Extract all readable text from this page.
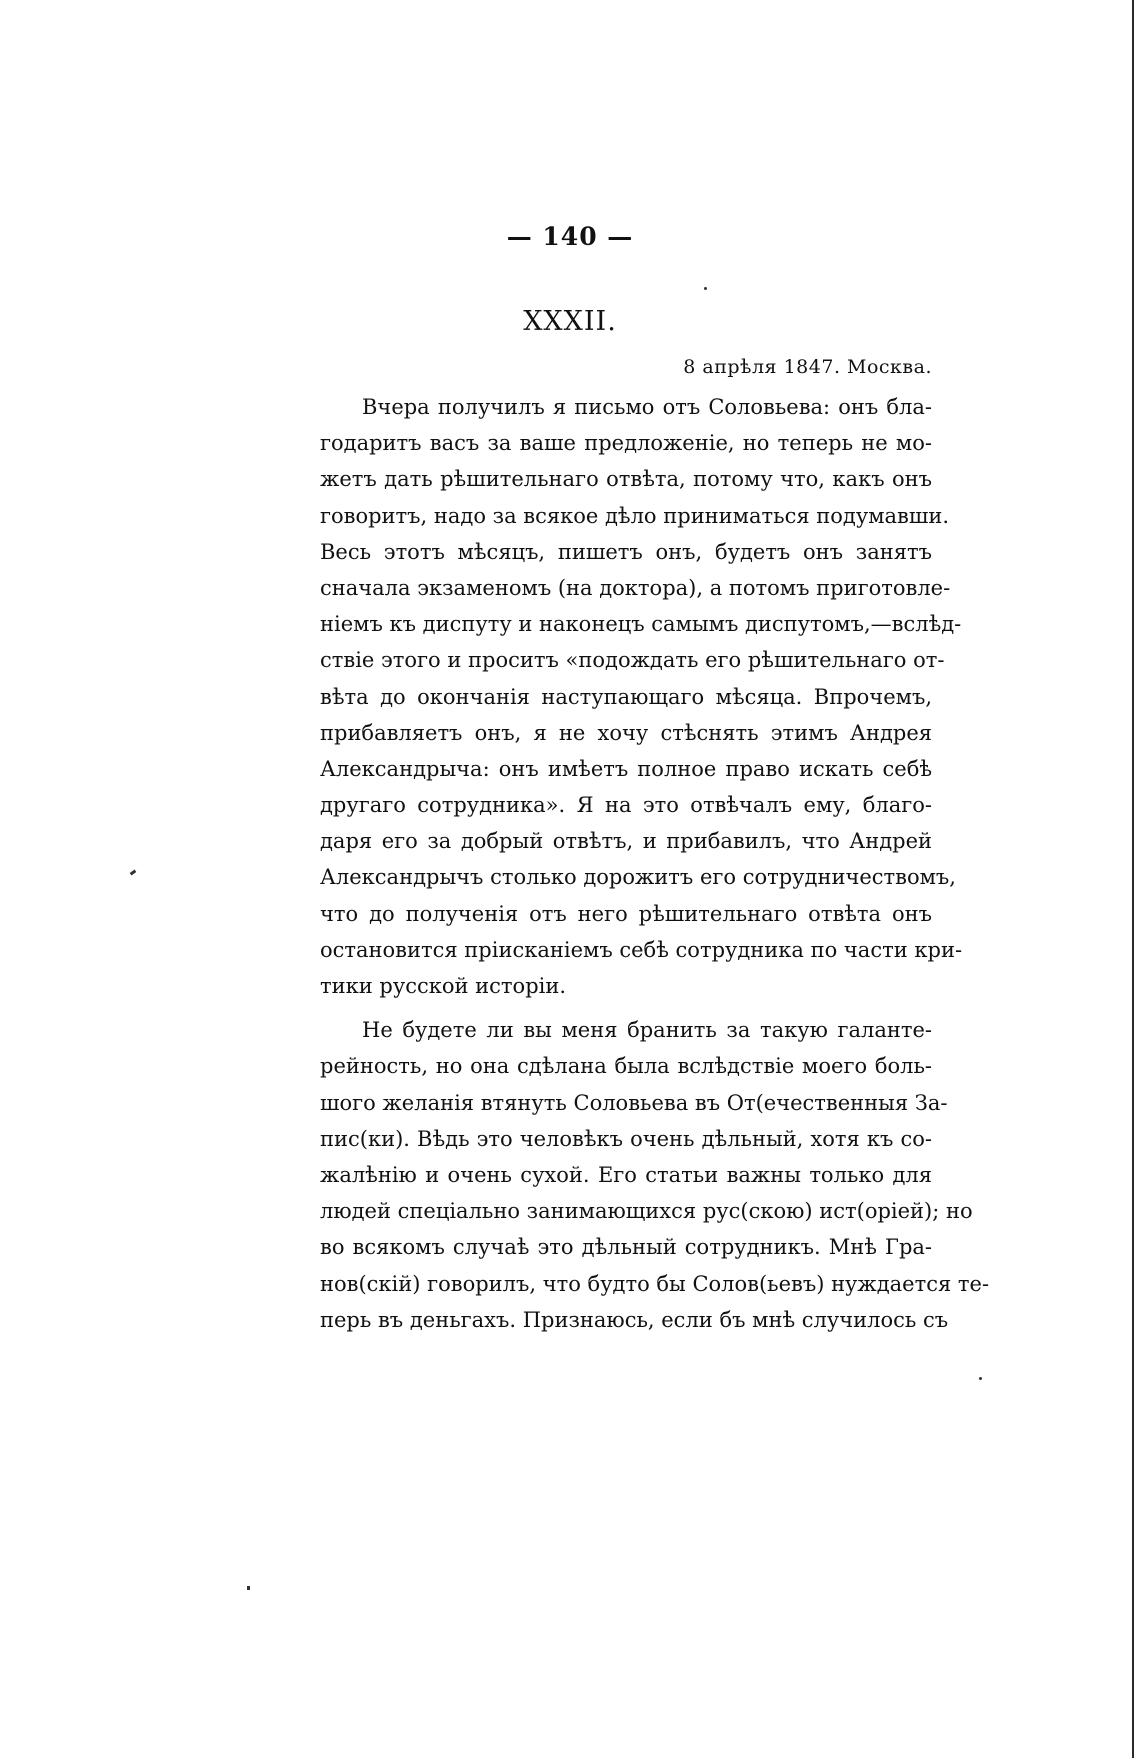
— 140 —
XXXII.
8 апрѣля 1847. Москва.
Вчера получилъ я письмо отъ Соловьева: онъ бла-
годаритъ васъ за ваше предложеніе, но теперь не мо-
жетъ дать рѣшительнаго отвѣта, потому что, какъ онъ
говоритъ, надо за всякое дѣло приниматься подумавши.
Весь этотъ мѣсяцъ, пишетъ онъ, будетъ онъ занятъ
сначала экзаменомъ (на доктора), а потомъ приготовле-
ніемъ къ диспуту и наконецъ самымъ диспутомъ,—вслѣд-
ствіе этого и проситъ «подождать его рѣшительнаго от-
вѣта до окончанія наступающаго мѣсяца. Впрочемъ,
прибавляетъ онъ, я не хочу стѣснять этимъ Андрея
Александрыча: онъ имѣетъ полное право искать себѣ
другаго сотрудника». Я на это отвѣчалъ ему, благо-
даря его за добрый отвѣтъ, и прибавилъ, что Андрей
Александрычъ столько дорожитъ его сотрудничествомъ,
что до полученія отъ него рѣшительнаго отвѣта онъ
остановится пріисканіемъ себѣ сотрудника по части кри-
тики русской исторіи.
Не будете ли вы меня бранить за такую галанте-
рейность, но она сдѣлана была вслѣдствіе моего боль-
шого желанія втянуть Соловьева въ От(ечественныя За-
пис(ки). Вѣдь это человѣкъ очень дѣльный, хотя къ со-
жалѣнію и очень сухой. Его статьи важны только для
людей спеціально занимающихся рус(скою) ист(оріей); но
во всякомъ случаѣ это дѣльный сотрудникъ. Мнѣ Гра-
нов(скій) говорилъ, что будто бы Солов(ьевъ) нуждается те-
перь въ деньгахъ. Признаюсь, если бъ мнѣ случилось съ
